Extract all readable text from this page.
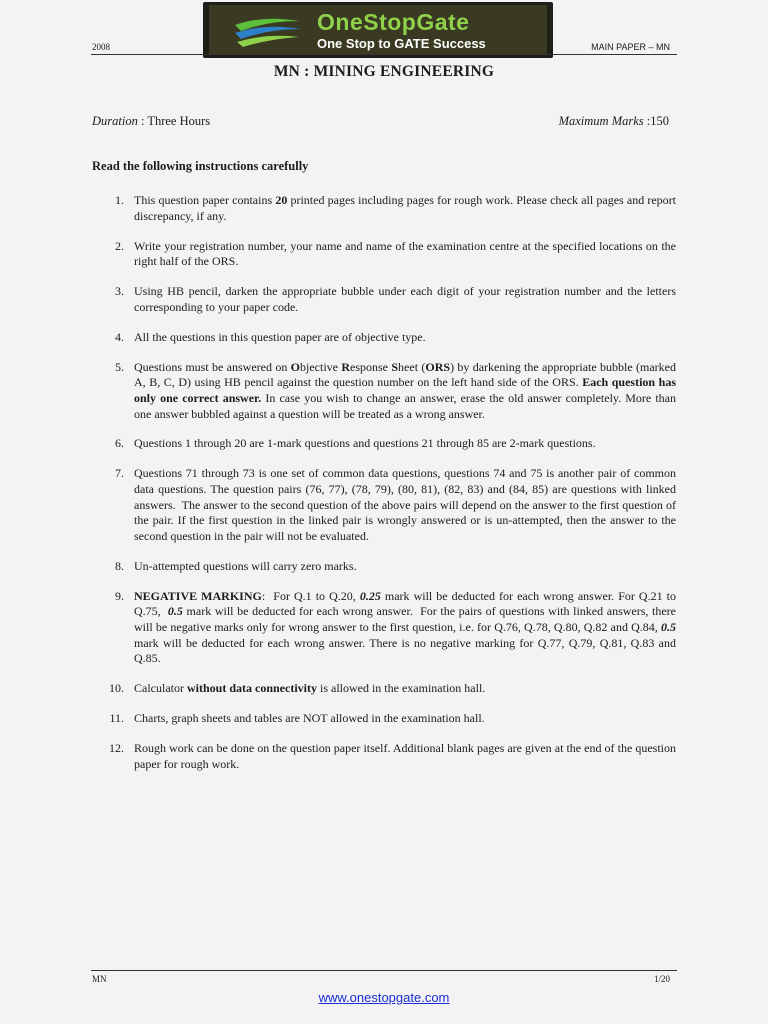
OneStopGate
One Stop to GATE Success
2008	MAIN PAPER – MN
MN : MINING ENGINEERING
Duration : Three Hours	Maximum Marks :150
Read the following instructions carefully
1. This question paper contains 20 printed pages including pages for rough work. Please check all pages and report discrepancy, if any.
2. Write your registration number, your name and name of the examination centre at the specified locations on the right half of the ORS.
3. Using HB pencil, darken the appropriate bubble under each digit of your registration number and the letters corresponding to your paper code.
4. All the questions in this question paper are of objective type.
5. Questions must be answered on Objective Response Sheet (ORS) by darkening the appropriate bubble (marked A, B, C, D) using HB pencil against the question number on the left hand side of the ORS. Each question has only one correct answer. In case you wish to change an answer, erase the old answer completely. More than one answer bubbled against a question will be treated as a wrong answer.
6. Questions 1 through 20 are 1-mark questions and questions 21 through 85 are 2-mark questions.
7. Questions 71 through 73 is one set of common data questions, questions 74 and 75 is another pair of common data questions. The question pairs (76, 77), (78, 79), (80, 81), (82, 83) and (84, 85) are questions with linked answers.  The answer to the second question of the above pairs will depend on the answer to the first question of the pair. If the first question in the linked pair is wrongly answered or is un-attempted, then the answer to the second question in the pair will not be evaluated.
8. Un-attempted questions will carry zero marks.
9. NEGATIVE MARKING:  For Q.1 to Q.20, 0.25 mark will be deducted for each wrong answer. For Q.21 to Q.75,  0.5 mark will be deducted for each wrong answer.  For the pairs of questions with linked answers, there will be negative marks only for wrong answer to the first question, i.e. for Q.76, Q.78, Q.80, Q.82 and Q.84, 0.5 mark will be deducted for each wrong answer. There is no negative marking for Q.77, Q.79, Q.81, Q.83 and Q.85.
10. Calculator without data connectivity is allowed in the examination hall.
11. Charts, graph sheets and tables are NOT allowed in the examination hall.
12. Rough work can be done on the question paper itself. Additional blank pages are given at the end of the question paper for rough work.
MN	1/20
www.onestopgate.com
